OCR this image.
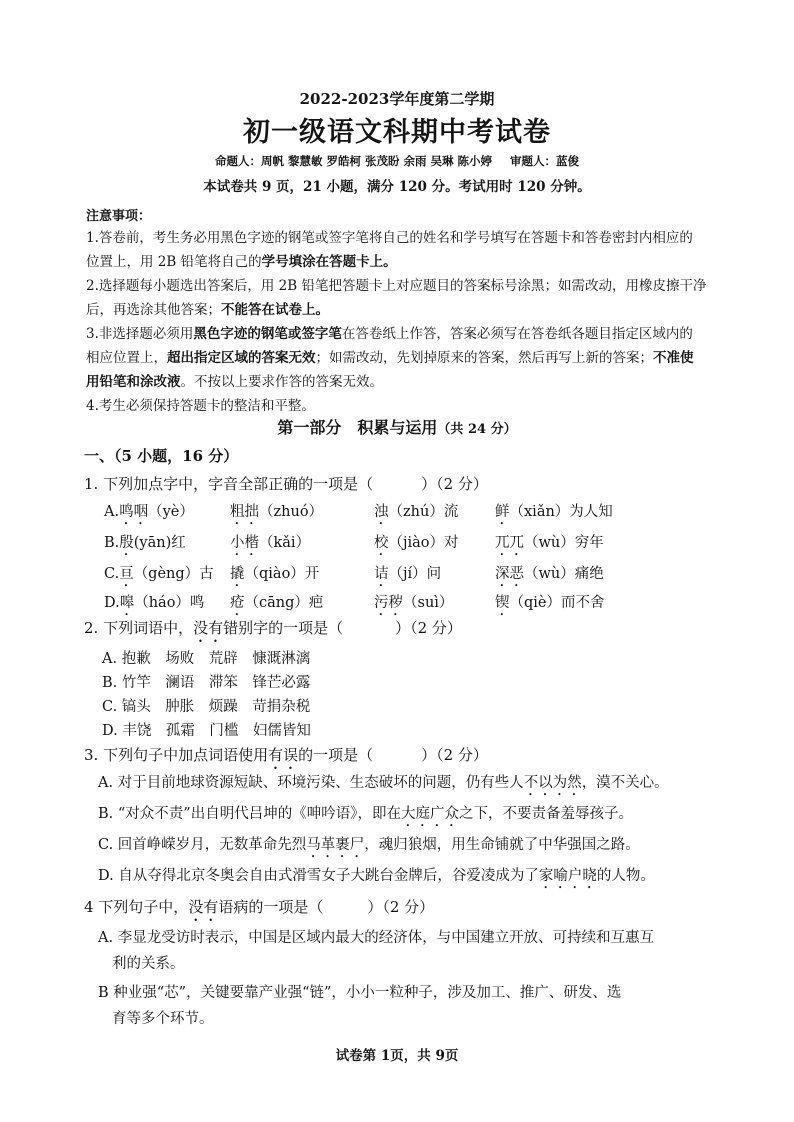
2022-2023学年度第二学期
初一级语文科期中考试卷
命题人：周帆 黎慧敏 罗皓柯 张茂盼 余雨 吴琳 陈小婷 审题人：蓝俊
本试卷共 9 页，21 小题，满分 120 分。考试用时 120 分钟。
注意事项：
1.答卷前，考生务必用黑色字迹的钢笔或签字笔将自己的姓名和学号填写在答题卡和答卷密封内相应的
位置上，用 2B 铅笔将自己的学号填涂在答题卡上。
2.选择题每小题选出答案后，用 2B 铅笔把答题卡上对应题目的答案标号涂黑；如需改动，用橡皮擦干净
后，再选涂其他答案；不能答在试卷上。
3.非选择题必须用黑色字迹的钢笔或签字笔在答卷纸上作答，答案必须写在答卷纸各题目指定区域内的
相应位置上，超出指定区域的答案无效；如需改动，先划掉原来的答案，然后再写上新的答案；不准使
用铅笔和涂改液。不按以上要求作答的答案无效。
4.考生必须保持答题卡的整洁和平整。
第一部分　积累与运用（共 24 分）
一、（5 小题，16 分）
1. 下列加点字中，字音全部正确的一项是（	）（2 分）
A.鸣咽（yè） 粗拙（zhuó）	浊（zhú）流	鲜（xiǎn）为人知
B.殷(yān)红	小楷（kǎi）	校（jiào）对	兀兀（wù）穷年
C.亘（gèng）古 撬（qiào）开	诘（jí）问	深恶（wù）痛绝
D.嗥（háo）鸣 疮（cāng）疤	污秽（suì）	锲（qiè）而不舍
2. 下列词语中，没有错别字的一项是（	）（2 分）
A. 抱歉　场败　荒辟　慷溉淋漓
B. 竹竿　澜语　滞笨　锋芒必露
C. 镐头　肿胀　烦躁　苛捐杂税
D. 丰饶　孤霜　门槛　妇儒皆知
3. 下列句子中加点词语使用有误的一项是（	）（2 分）
A. 对于目前地球资源短缺、环境污染、生态破坏的问题，仍有些人不以为然，漠不关心。
B. “对众不责”出自明代吕坤的《呻吟语》，即在大庭广众之下，不要责备羞辱孩子。
C. 回首峥嵘岁月，无数革命先烈马革裹尸，魂归狼烟，用生命铺就了中华强国之路。
D. 自从夺得北京冬奥会自由式滑雪女子大跳台金牌后，谷爱凌成为了家喻户晓的人物。
4 下列句子中，没有语病的一项是（	）（2 分）
A. 李显龙受访时表示，中国是区域内最大的经济体，与中国建立开放、可持续和互惠互
利的关系。
B 种业强“芯”，关键要靠产业强“链”，小小一粒种子，涉及加工、推广、研发、选
育等多个环节。
试卷第 1页，共 9页
